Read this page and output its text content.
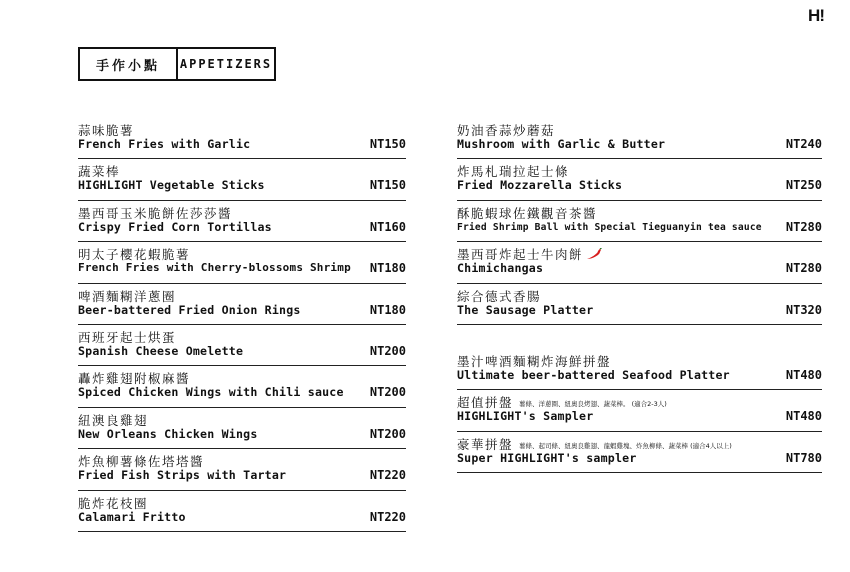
H!
手作小點	APPETIZERS
蒜味脆薯
French Fries with Garlic	NT150
蔬菜棒
HIGHLIGHT Vegetable Sticks	NT150
墨西哥玉米脆餅佐莎莎醬
Crispy Fried Corn Tortillas	NT160
明太子櫻花蝦脆薯
French Fries with Cherry-blossoms Shrimp NT180
啤酒麵糊洋蔥圈
Beer-battered Fried Onion Rings	NT180
西班牙起士烘蛋
Spanish Cheese Omelette	NT200
轟炸雞翅附椒麻醬
Spiced Chicken Wings with Chili sauce NT200
紐澳良雞翅
New Orleans Chicken Wings	NT200
炸魚柳薯條佐塔塔醬
Fried Fish Strips with Tartar	NT220
脆炸花枝圈
Calamari Fritto	NT220
奶油香蒜炒蘑菇
Mushroom with Garlic & Butter	NT240
炸馬札瑞拉起士條
Fried Mozzarella Sticks	NT250
酥脆蝦球佐鐵觀音茶醬
Fried Shrimp Ball with Special Tieguanyin tea sauce NT280
墨西哥炸起士牛肉餅
Chimichangas	NT280
綜合德式香腸
The Sausage Platter	NT320
墨汁啤酒麵糊炸海鮮拼盤
Ultimate beer-battered Seafood Platter	NT480
超值拼盤 薯條、洋蔥圈、紐奧良烤翅、蔬菜棒。 (適合2-3人)
HIGHLIGHT's Sampler	NT480
豪華拼盤 薯條、起司條、紐奧良雞翅、龍蝦雞塊、炸魚柳條、蔬菜棒 (適合4人以上)
Super HIGHLIGHT's sampler	NT780
